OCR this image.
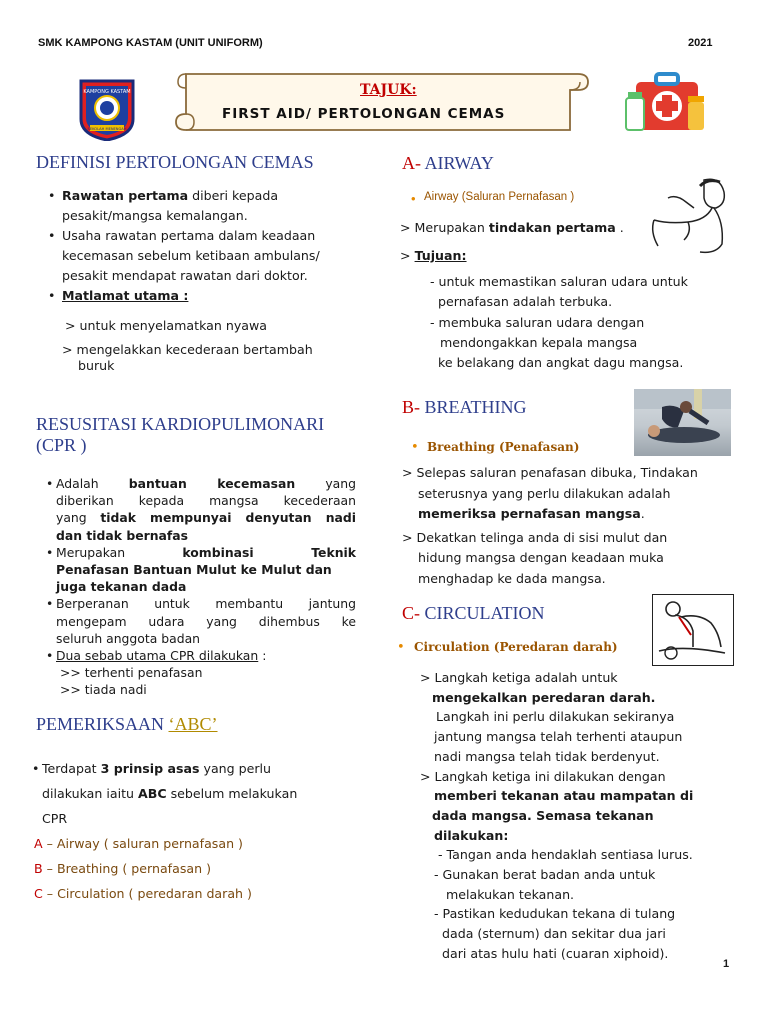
SMK KAMPONG KASTAM (UNIT UNIFORM)	2021
KAMPONG KASTAM
SEKOLAH MENENGAH
TAJUK:
FIRST AID/ PERTOLONGAN CEMAS
DEFINISI PERTOLONGAN CEMAS
• Rawatan pertama diberi kepada
pesakit/mangsa kemalangan.
• Usaha rawatan pertama dalam keadaan
kecemasan sebelum ketibaan ambulans/
pesakit mendapat rawatan dari doktor.
• Matlamat utama :
> untuk menyelamatkan nyawa
> mengelakkan kecederaan bertambah
buruk
RESUSITASI KARDIOPULIMONARI
(CPR )
• Adalah bantuan kecemasan yang
diberikan kepada mangsa kecederaan
yang tidak mempunyai denyutan nadi
dan tidak bernafas
• Merupakan kombinasi Teknik
Penafasan Bantuan Mulut ke Mulut dan
juga tekanan dada
• Berperanan untuk membantu jantung
mengepam udara yang dihembus ke
seluruh anggota badan
• Dua sebab utama CPR dilakukan :
>> terhenti penafasan
>> tiada nadi
PEMERIKSAAN ‘ABC’
• Terdapat 3 prinsip asas yang perlu
dilakukan iaitu ABC sebelum melakukan
CPR
A – Airway ( saluran pernafasan )
B – Breathing ( pernafasan )
C – Circulation ( peredaran darah )
A- AIRWAY
• Airway (Saluran Pernafasan )
> Merupakan tindakan pertama .
> Tujuan:
- untuk memastikan saluran udara untuk
pernafasan adalah terbuka.
- membuka saluran udara dengan
mendongakkan kepala mangsa
ke belakang dan angkat dagu mangsa.
B- BREATHING
• Breathing (Penafasan)
> Selepas saluran penafasan dibuka, Tindakan
seterusnya yang perlu dilakukan adalah
memeriksa pernafasan mangsa.
> Dekatkan telinga anda di sisi mulut dan
hidung mangsa dengan keadaan muka
menghadap ke dada mangsa.
C- CIRCULATION
• Circulation (Peredaran darah)
> Langkah ketiga adalah untuk
mengekalkan peredaran darah.
Langkah ini perlu dilakukan sekiranya
jantung mangsa telah terhenti ataupun
nadi mangsa telah tidak berdenyut.
> Langkah ketiga ini dilakukan dengan
memberi tekanan atau mampatan di
dada mangsa. Semasa tekanan
dilakukan:
- Tangan anda hendaklah sentiasa lurus.
- Gunakan berat badan anda untuk
melakukan tekanan.
- Pastikan kedudukan tekana di tulang
dada (sternum) dan sekitar dua jari
dari atas hulu hati (cuaran xiphoid).
1
